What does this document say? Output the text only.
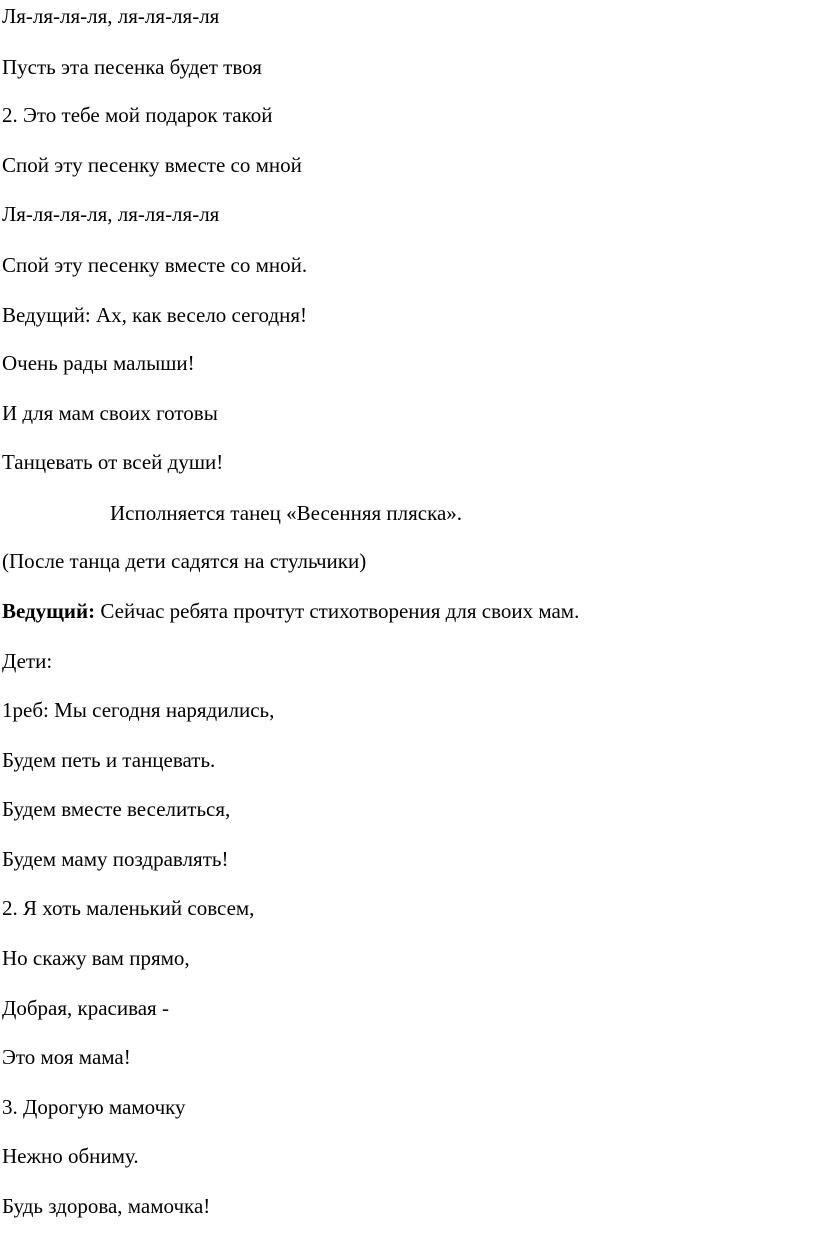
Ля-ля-ля-ля, ля-ля-ля-ля

Пусть эта песенка будет твоя

2. Это тебе мой подарок такой

Спой эту песенку вместе со мной

Ля-ля-ля-ля, ля-ля-ля-ля

Спой эту песенку вместе со мной.

Ведущий: Ах, как весело сегодня!

Очень рады малыши!

И для мам своих готовы

Танцевать от всей души!

Исполняется танец «Весенняя пляска».

(После танца дети садятся на стульчики)

Ведущий: Сейчас ребята прочтут стихотворения для своих мам.

Дети:

1реб: Мы сегодня нарядились,

Будем петь и танцевать.

Будем вместе веселиться,

Будем маму поздравлять!

2. Я хоть маленький совсем,

Но скажу вам прямо,

Добрая, красивая -

Это моя мама!

3. Дорогую мамочку

Нежно обниму.

Будь здорова, мамочка!
